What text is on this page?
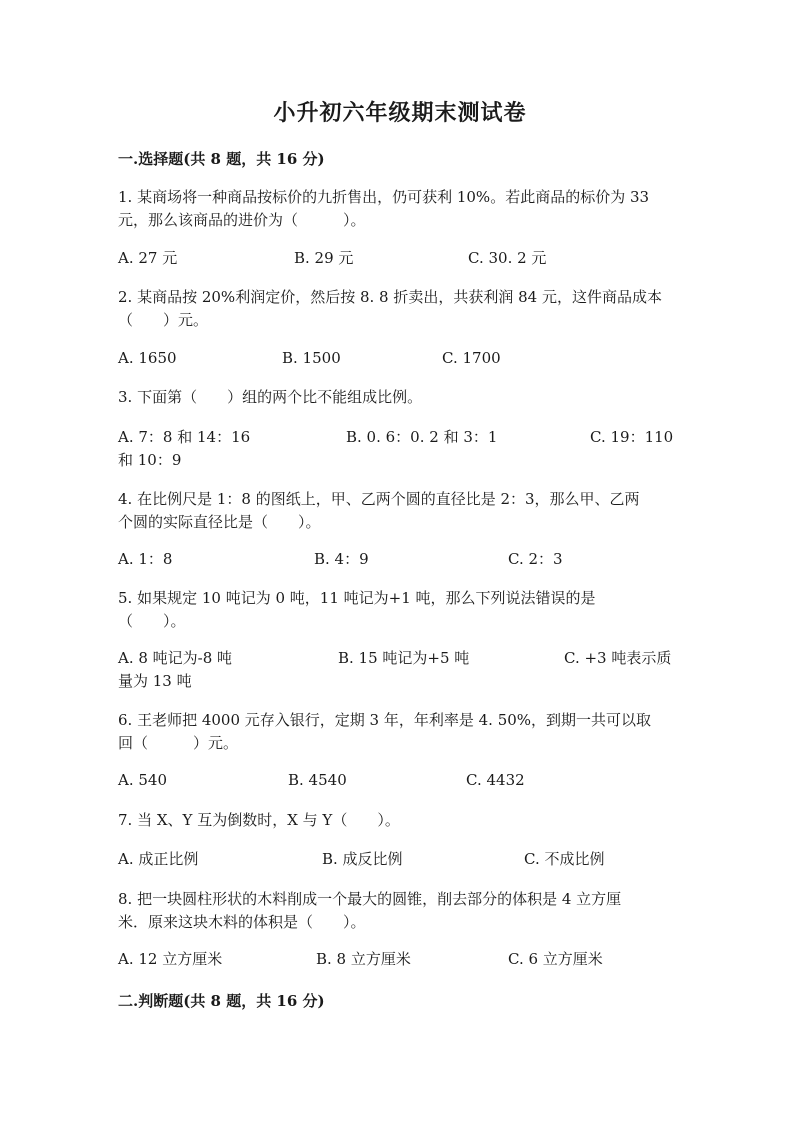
小升初六年级期末测试卷
一.选择题(共 8 题，共 16 分)
1. 某商场将一种商品按标价的九折售出，仍可获利 10%。若此商品的标价为 33
元，那么该商品的进价为（　　　）。
A. 27 元	B. 29 元	C. 30. 2 元
2. 某商品按 20%利润定价，然后按 8. 8 折卖出，共获利润 84 元，这件商品成本
（　　）元。
A. 1650	B. 1500	C. 1700
3. 下面第（　　）组的两个比不能组成比例。
A. 7：8 和 14：16	B. 0. 6：0. 2 和 3：1	C. 19：110
和 10：9
4. 在比例尺是 1：8 的图纸上，甲、乙两个圆的直径比是 2：3，那么甲、乙两
个圆的实际直径比是（　　）。
A. 1：8	B. 4：9	C. 2：3
5. 如果规定 10 吨记为 0 吨，11 吨记为+1 吨，那么下列说法错误的是
（　　）。
A. 8 吨记为-8 吨	B. 15 吨记为+5 吨	C. +3 吨表示质
量为 13 吨
6. 王老师把 4000 元存入银行，定期 3 年，年利率是 4. 50%，到期一共可以取
回（　　　）元。
A. 540	B. 4540	C. 4432
7. 当 X、Y 互为倒数时，X 与 Y（　　）。
A. 成正比例	B. 成反比例	C. 不成比例
8. 把一块圆柱形状的木料削成一个最大的圆锥，削去部分的体积是 4 立方厘
米．原来这块木料的体积是（　　）。
A. 12 立方厘米	B. 8 立方厘米	C. 6 立方厘米
二.判断题(共 8 题，共 16 分)
